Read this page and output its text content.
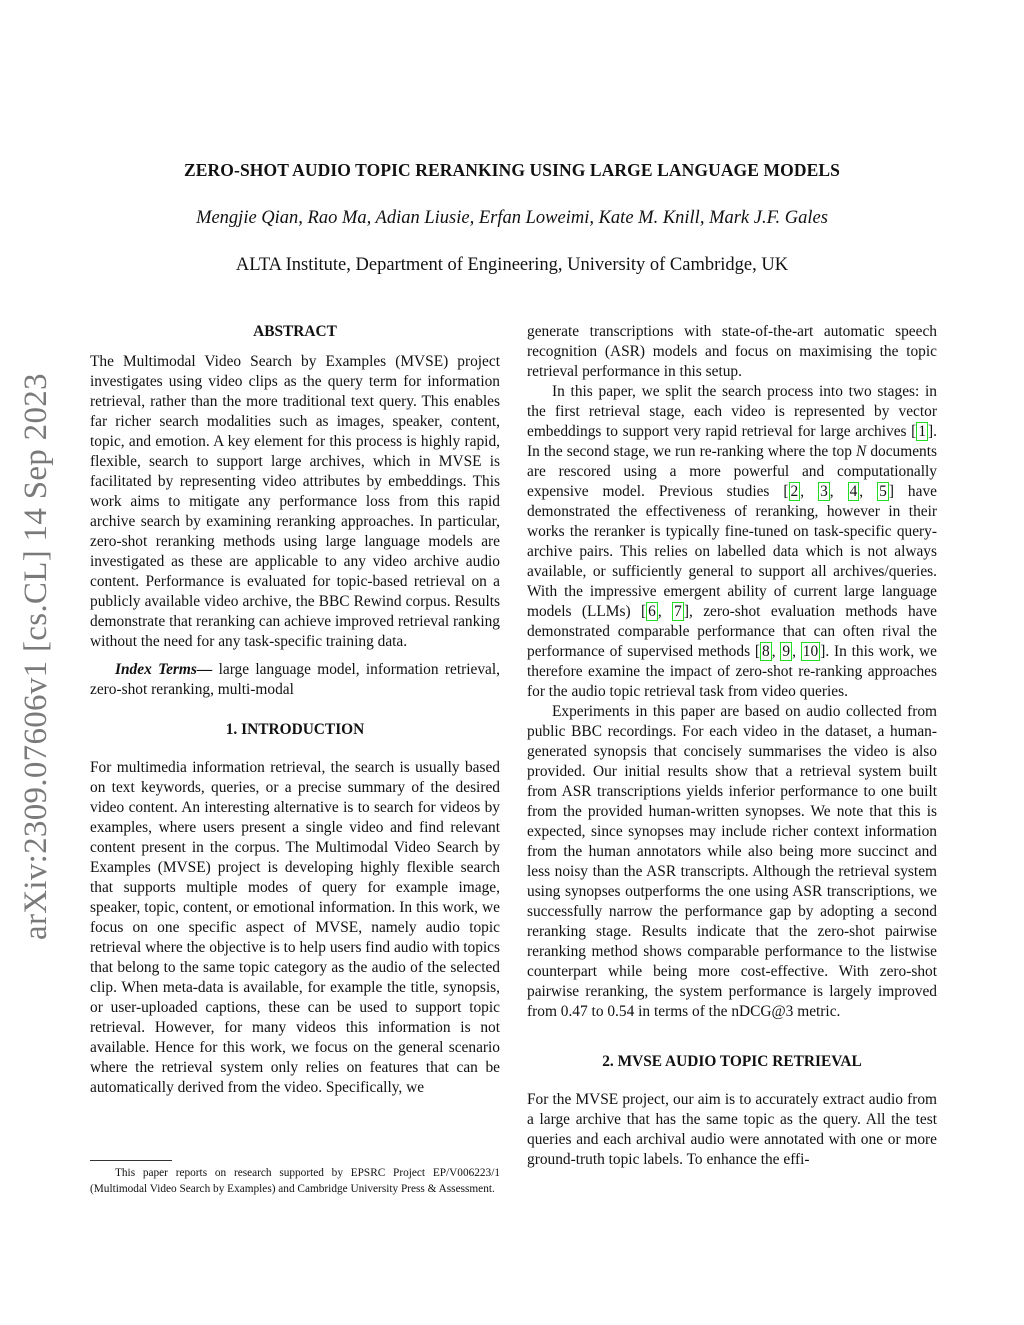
ZERO-SHOT AUDIO TOPIC RERANKING USING LARGE LANGUAGE MODELS
Mengjie Qian, Rao Ma, Adian Liusie, Erfan Loweimi, Kate M. Knill, Mark J.F. Gales
ALTA Institute, Department of Engineering, University of Cambridge, UK
arXiv:2309.07606v1 [cs.CL] 14 Sep 2023
ABSTRACT

The Multimodal Video Search by Examples (MVSE) project investigates using video clips as the query term for information retrieval, rather than the more traditional text query. This enables far richer search modalities such as images, speaker, content, topic, and emotion. A key element for this process is highly rapid, flexible, search to support large archives, which in MVSE is facilitated by representing video attributes by embeddings. This work aims to mitigate any performance loss from this rapid archive search by examining reranking approaches. In particular, zero-shot reranking methods using large language models are investigated as these are applicable to any video archive audio content. Performance is evaluated for topic-based retrieval on a publicly available video archive, the BBC Rewind corpus. Results demonstrate that reranking can achieve improved retrieval ranking without the need for any task-specific training data.

Index Terms— large language model, information retrieval, zero-shot reranking, multi-modal

1. INTRODUCTION

For multimedia information retrieval, the search is usually based on text keywords, queries, or a precise summary of the desired video content. An interesting alternative is to search for videos by examples, where users present a single video and find relevant content present in the corpus. The Multimodal Video Search by Examples (MVSE) project is developing highly flexible search that supports multiple modes of query for example image, speaker, topic, content, or emotional information. In this work, we focus on one specific aspect of MVSE, namely audio topic retrieval where the objective is to help users find audio with topics that belong to the same topic category as the audio of the selected clip. When meta-data is available, for example the title, synopsis, or user-uploaded captions, these can be used to support topic retrieval. However, for many videos this information is not available. Hence for this work, we focus on the general scenario where the retrieval system only relies on features that can be automatically derived from the video. Specifically, we

generate transcriptions with state-of-the-art automatic speech recognition (ASR) models and focus on maximising the topic retrieval performance in this setup.

In this paper, we split the search process into two stages: in the first retrieval stage, each video is represented by vector embeddings to support very rapid retrieval for large archives [ 1 ]. In the second stage, we run re-ranking where the top N documents are rescored using a more powerful and computationally expensive model. Previous studies [ 2 , 3 , 4 , 5 ] have demonstrated the effectiveness of reranking, however in their works the reranker is typically fine-tuned on task-specific query-archive pairs. This relies on labelled data which is not always available, or sufficiently general to support all archives/queries. With the impressive emergent ability of current large language models (LLMs) [ 6 , 7 ], zero-shot evaluation methods have demonstrated comparable performance that can often rival the performance of supervised methods [ 8 , 9 , 10 ]. In this work, we therefore examine the impact of zero-shot re-ranking approaches for the audio topic retrieval task from video queries.

Experiments in this paper are based on audio collected from public BBC recordings. For each video in the dataset, a human-generated synopsis that concisely summarises the video is also provided. Our initial results show that a retrieval system built from ASR transcriptions yields inferior performance to one built from the provided human-written synopses. We note that this is expected, since synopses may include richer context information from the human annotators while also being more succinct and less noisy than the ASR transcripts. Although the retrieval system using synopses outperforms the one using ASR transcriptions, we successfully narrow the performance gap by adopting a second reranking stage. Results indicate that the zero-shot pairwise reranking method shows comparable performance to the listwise counterpart while being more cost-effective. With zero-shot pairwise reranking, the system performance is largely improved from 0.47 to 0.54 in terms of the nDCG@3 metric.

2. MVSE AUDIO TOPIC RETRIEVAL

For the MVSE project, our aim is to accurately extract audio from a large archive that has the same topic as the query. All the test queries and each archival audio were annotated with one or more ground-truth topic labels. To enhance the effi-

This paper reports on research supported by EPSRC Project EP/V006223/1 (Multimodal Video Search by Examples) and Cambridge University Press & Assessment.
